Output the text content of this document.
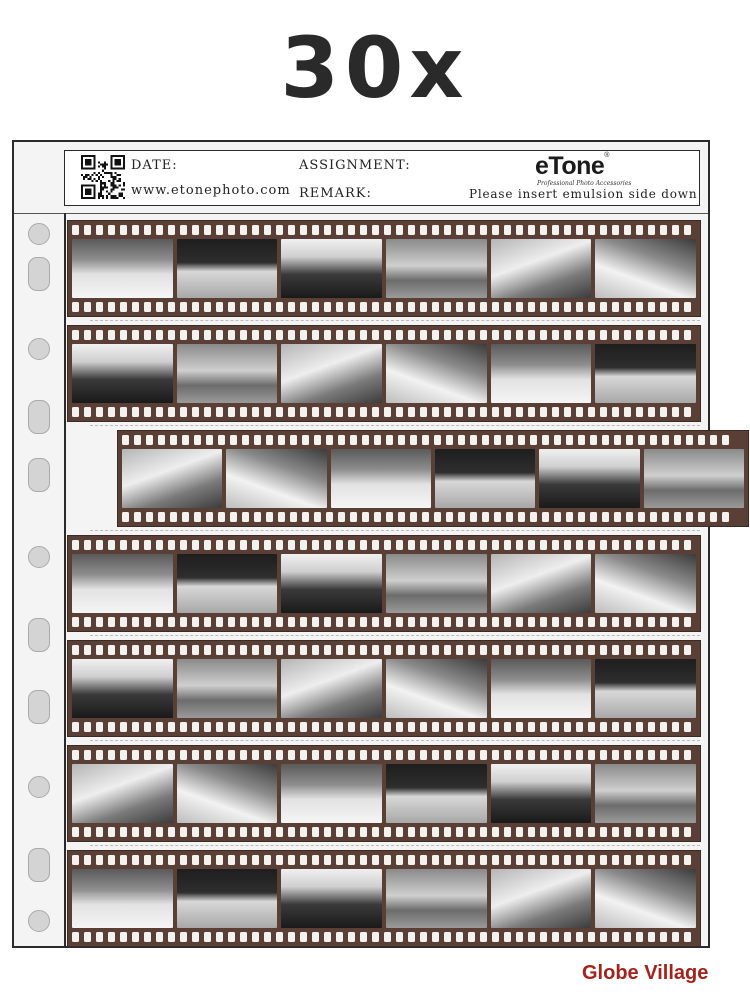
30x
DATE:
www.etonephoto.com
ASSIGNMENT:
REMARK:
eTone®
Professional Photo Accessories
Please insert emulsion side down
Globe Village
